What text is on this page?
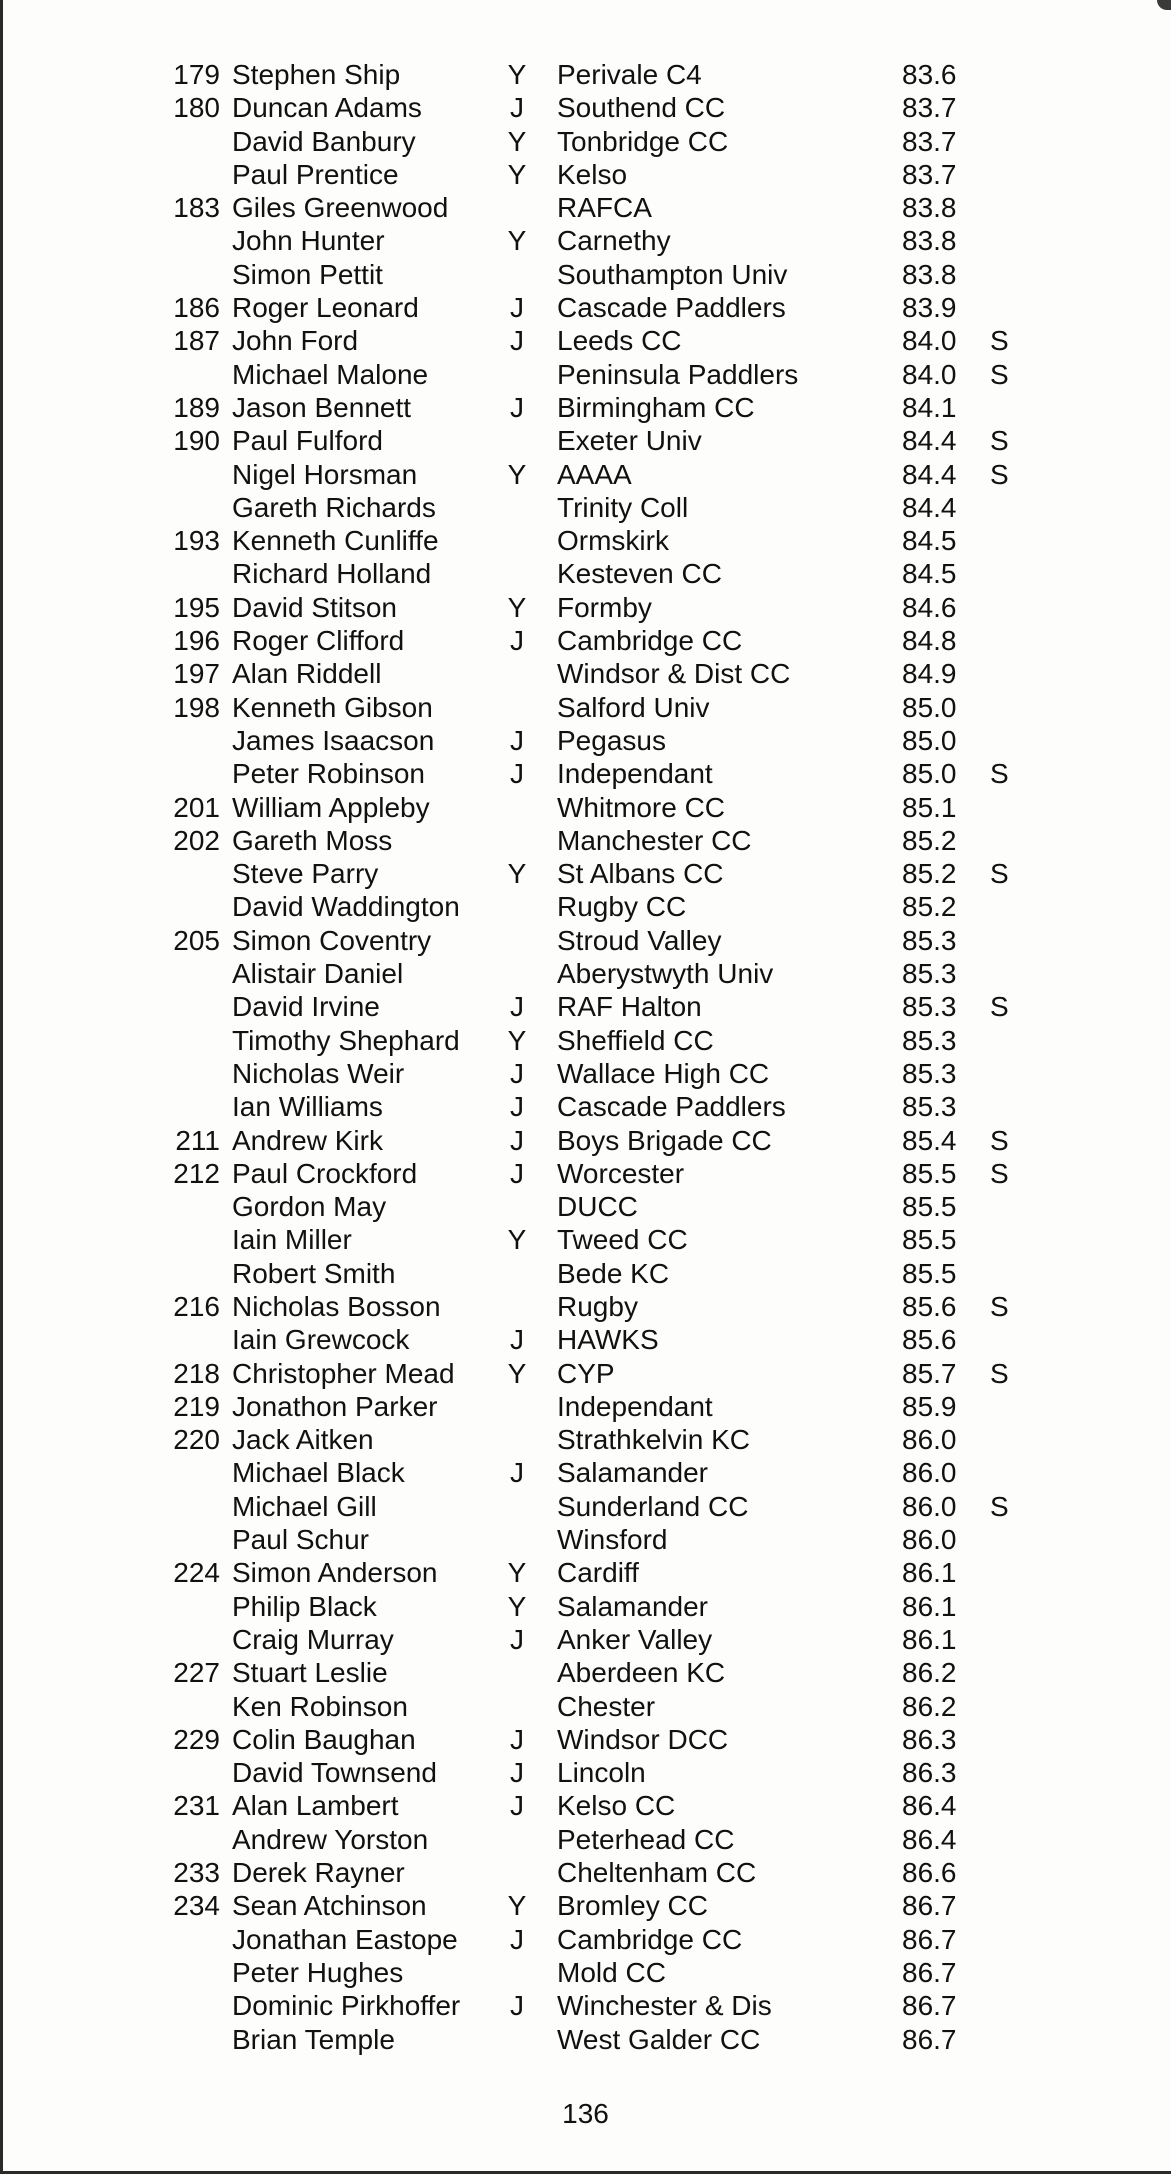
179 Stephen Ship	Y Perivale C4	83.6
180 Duncan Adams	J Southend CC	83.7
David Banbury	Y Tonbridge CC	83.7
Paul Prentice	Y Kelso	83.7
183 Giles Greenwood	RAFCA	83.8
John Hunter	Y Carnethy	83.8
Simon Pettit	Southampton Univ	83.8
186 Roger Leonard	J Cascade Paddlers	83.9
187 John Ford	J Leeds CC	84.0 S
Michael Malone	Peninsula Paddlers	84.0 S
189 Jason Bennett	J Birmingham CC	84.1
190 Paul Fulford	Exeter Univ	84.4 S
Nigel Horsman	Y AAAA	84.4 S
Gareth Richards	Trinity Coll	84.4
193 Kenneth Cunliffe	Ormskirk	84.5
Richard Holland	Kesteven CC	84.5
195 David Stitson	Y Formby	84.6
196 Roger Clifford	J Cambridge CC	84.8
197 Alan Riddell	Windsor & Dist CC	84.9
198 Kenneth Gibson	Salford Univ	85.0
James Isaacson	J Pegasus	85.0
Peter Robinson	J Independant	85.0 S
201 William Appleby	Whitmore CC	85.1
202 Gareth Moss	Manchester CC	85.2
Steve Parry	Y St Albans CC	85.2 S
David Waddington	Rugby CC	85.2
205 Simon Coventry	Stroud Valley	85.3
Alistair Daniel	Aberystwyth Univ	85.3
David Irvine	J RAF Halton	85.3 S
Timothy Shephard Y Sheffield CC	85.3
Nicholas Weir	J Wallace High CC	85.3
Ian Williams	J Cascade Paddlers	85.3
211 Andrew Kirk	J Boys Brigade CC	85.4 S
212 Paul Crockford	J Worcester	85.5 S
Gordon May	DUCC	85.5
Iain Miller	Y Tweed CC	85.5
Robert Smith	Bede KC	85.5
216 Nicholas Bosson	Rugby	85.6 S
Iain Grewcock	J HAWKS	85.6
218 Christopher Mead Y CYP	85.7 S
219 Jonathon Parker	Independant	85.9
220 Jack Aitken	Strathkelvin KC	86.0
Michael Black	J Salamander	86.0
Michael Gill	Sunderland CC	86.0 S
Paul Schur	Winsford	86.0
224 Simon Anderson	Y Cardiff	86.1
Philip Black	Y Salamander	86.1
Craig Murray	J Anker Valley	86.1
227 Stuart Leslie	Aberdeen KC	86.2
Ken Robinson	Chester	86.2
229 Colin Baughan	J Windsor DCC	86.3
David Townsend	J Lincoln	86.3
231 Alan Lambert	J Kelso CC	86.4
Andrew Yorston	Peterhead CC	86.4
233 Derek Rayner	Cheltenham CC	86.6
234 Sean Atchinson	Y Bromley CC	86.7
Jonathan Eastope J Cambridge CC	86.7
Peter Hughes	Mold CC	86.7
Dominic Pirkhoffer J Winchester & Dis	86.7
Brian Temple	West Galder CC	86.7
136
